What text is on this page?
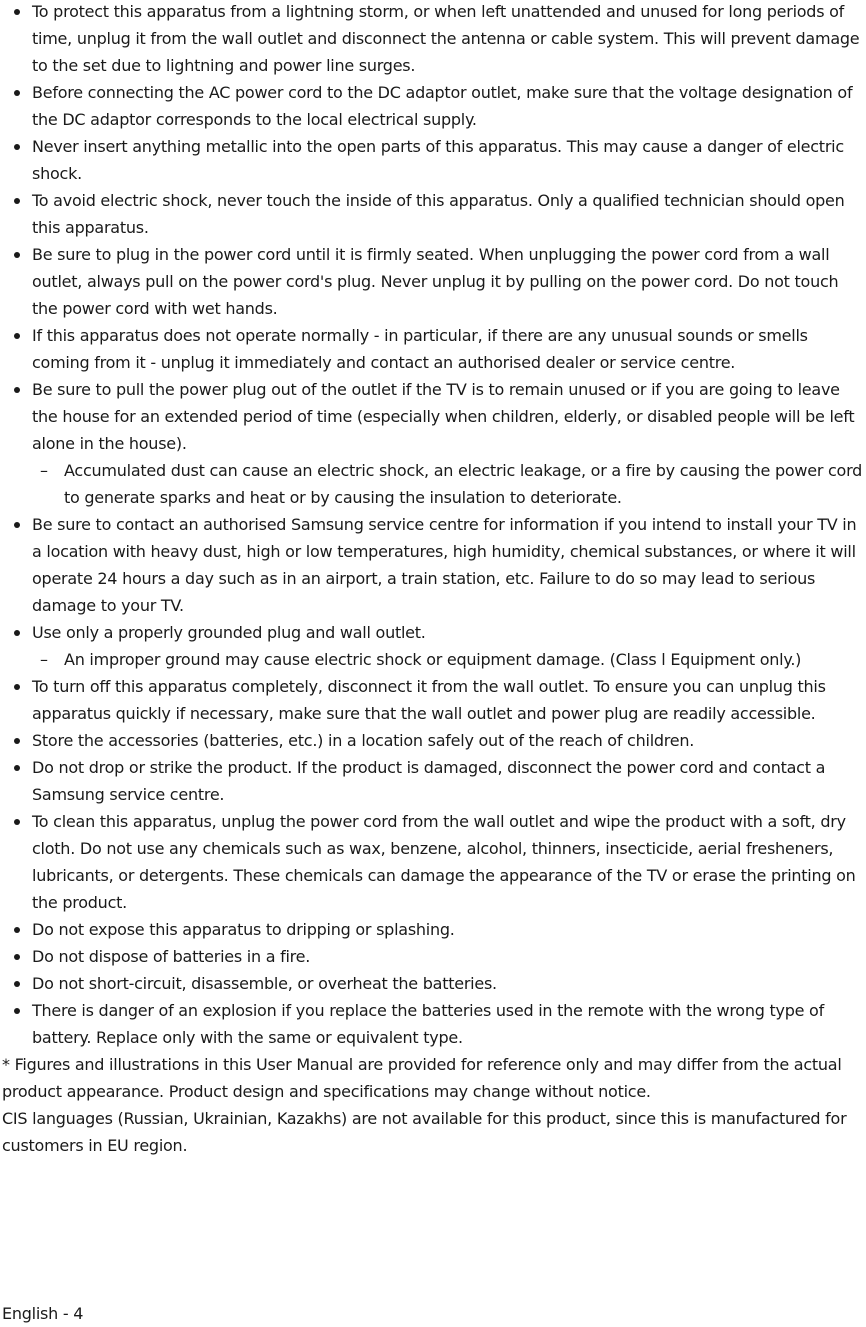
To protect this apparatus from a lightning storm, or when left unattended and unused for long periods of time, unplug it from the wall outlet and disconnect the antenna or cable system. This will prevent damage to the set due to lightning and power line surges.
Before connecting the AC power cord to the DC adaptor outlet, make sure that the voltage designation of the DC adaptor corresponds to the local electrical supply.
Never insert anything metallic into the open parts of this apparatus. This may cause a danger of electric shock.
To avoid electric shock, never touch the inside of this apparatus. Only a qualified technician should open this apparatus.
Be sure to plug in the power cord until it is firmly seated. When unplugging the power cord from a wall outlet, always pull on the power cord's plug. Never unplug it by pulling on the power cord. Do not touch the power cord with wet hands.
If this apparatus does not operate normally - in particular, if there are any unusual sounds or smells coming from it - unplug it immediately and contact an authorised dealer or service centre.
Be sure to pull the power plug out of the outlet if the TV is to remain unused or if you are going to leave the house for an extended period of time (especially when children, elderly, or disabled people will be left alone in the house).
– Accumulated dust can cause an electric shock, an electric leakage, or a fire by causing the power cord to generate sparks and heat or by causing the insulation to deteriorate.
Be sure to contact an authorised Samsung service centre for information if you intend to install your TV in a location with heavy dust, high or low temperatures, high humidity, chemical substances, or where it will operate 24 hours a day such as in an airport, a train station, etc. Failure to do so may lead to serious damage to your TV.
Use only a properly grounded plug and wall outlet.
– An improper ground may cause electric shock or equipment damage. (Class l Equipment only.)
To turn off this apparatus completely, disconnect it from the wall outlet. To ensure you can unplug this apparatus quickly if necessary, make sure that the wall outlet and power plug are readily accessible.
Store the accessories (batteries, etc.) in a location safely out of the reach of children.
Do not drop or strike the product. If the product is damaged, disconnect the power cord and contact a Samsung service centre.
To clean this apparatus, unplug the power cord from the wall outlet and wipe the product with a soft, dry cloth. Do not use any chemicals such as wax, benzene, alcohol, thinners, insecticide, aerial fresheners, lubricants, or detergents. These chemicals can damage the appearance of the TV or erase the printing on the product.
Do not expose this apparatus to dripping or splashing.
Do not dispose of batteries in a fire.
Do not short-circuit, disassemble, or overheat the batteries.
There is danger of an explosion if you replace the batteries used in the remote with the wrong type of battery. Replace only with the same or equivalent type.

* Figures and illustrations in this User Manual are provided for reference only and may differ from the actual product appearance. Product design and specifications may change without notice.

CIS languages (Russian, Ukrainian, Kazakhs) are not available for this product, since this is manufactured for customers in EU region.

English - 4
